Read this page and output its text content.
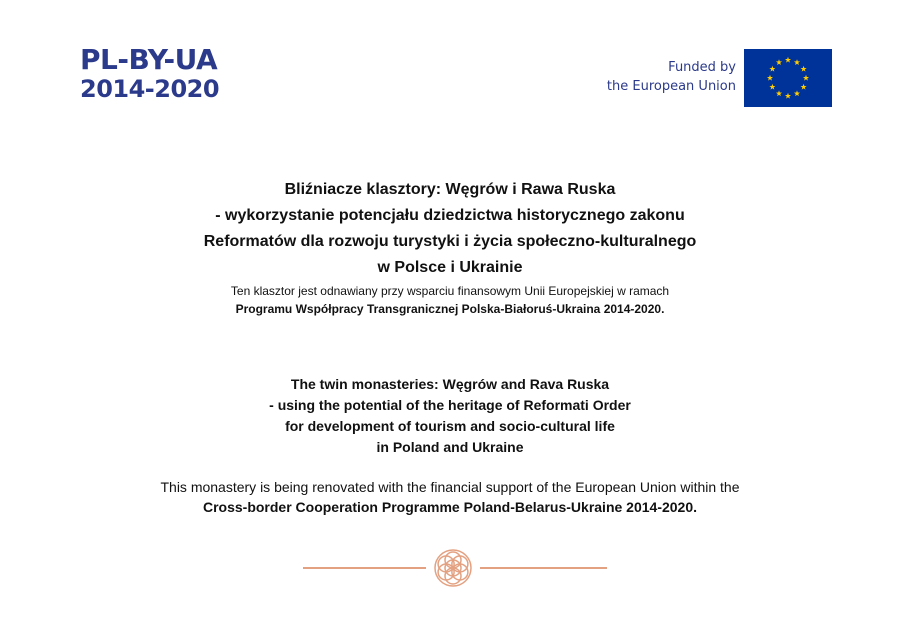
PL-BY-UA
2014-2020
Funded by
the European Union
Bliźniacze klasztory: Węgrów i Rawa Ruska
- wykorzystanie potencjału dziedzictwa historycznego zakonu
Reformatów dla rozwoju turystyki i życia społeczno-kulturalnego
w Polsce i Ukrainie
Ten klasztor jest odnawiany przy wsparciu finansowym Unii Europejskiej w ramach
Programu Współpracy Transgranicznej Polska-Białoruś-Ukraina 2014-2020.
The twin monasteries: Węgrów and Rava Ruska
- using the potential of the heritage of Reformati Order
for development of tourism and socio-cultural life
in Poland and Ukraine
This monastery is being renovated with the financial support of the European Union within the
Cross-border Cooperation Programme Poland-Belarus-Ukraine 2014-2020.
